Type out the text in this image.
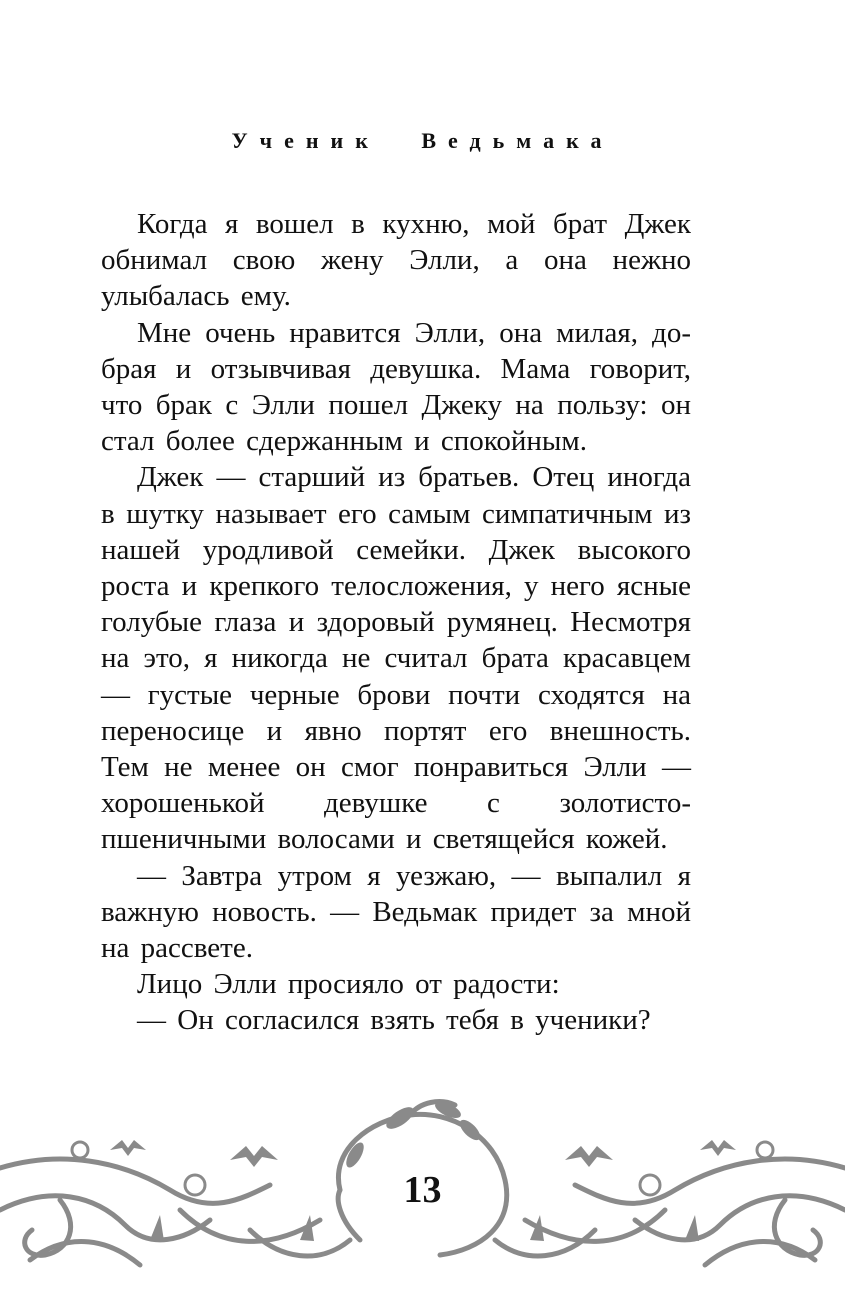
Ученик Ведьмака

Когда я вошел в кухню, мой брат Джек обнимал свою жену Элли, а она нежно улыбалась ему.

Мне очень нравится Элли, она милая, добрая и отзывчивая девушка. Мама говорит, что брак с Элли пошел Джеку на пользу: он стал более сдержанным и спокойным.

Джек — старший из братьев. Отец иногда в шутку называет его самым симпатичным из нашей уродливой семейки. Джек высокого роста и крепкого телосложения, у него ясные голубые глаза и здоровый румянец. Несмотря на это, я никогда не считал брата красавцем — густые черные брови почти сходятся на переносице и явно портят его внешность. Тем не менее он смог понравиться Элли — хорошенькой девушке с золотисто-пшеничными волосами и светящейся кожей.

— Завтра утром я уезжаю, — выпалил я важную новость. — Ведьмак придет за мной на рассвете.

Лицо Элли просияло от радости:

— Он согласился взять тебя в ученики?

13
